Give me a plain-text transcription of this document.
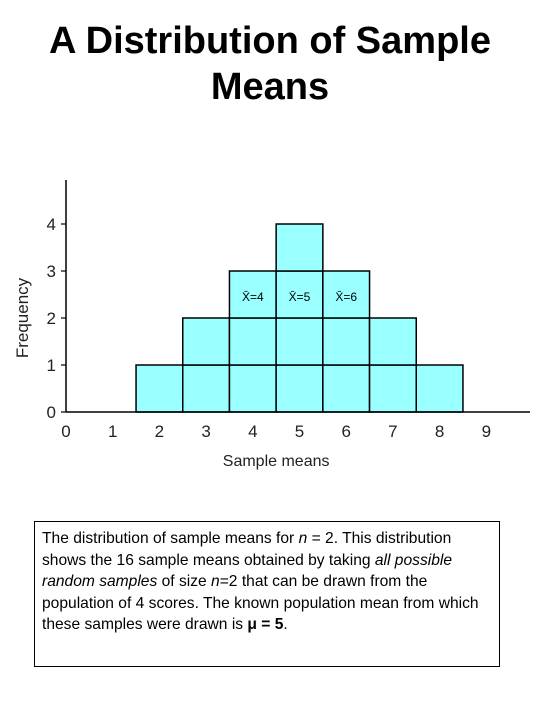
A Distribution of Sample
Means
0
1
2
3
4
0 1 2 3 4 5 6 7 8 9
Sample means
Frequency	X̄=4 X̄=5 X̄=6
The distribution of sample means for n = 2. This distribution shows the 16 sample means obtained by taking all possible random samples of size n=2 that can be drawn from the population of 4 scores. The known population mean from which these samples were drawn is μ = 5.
